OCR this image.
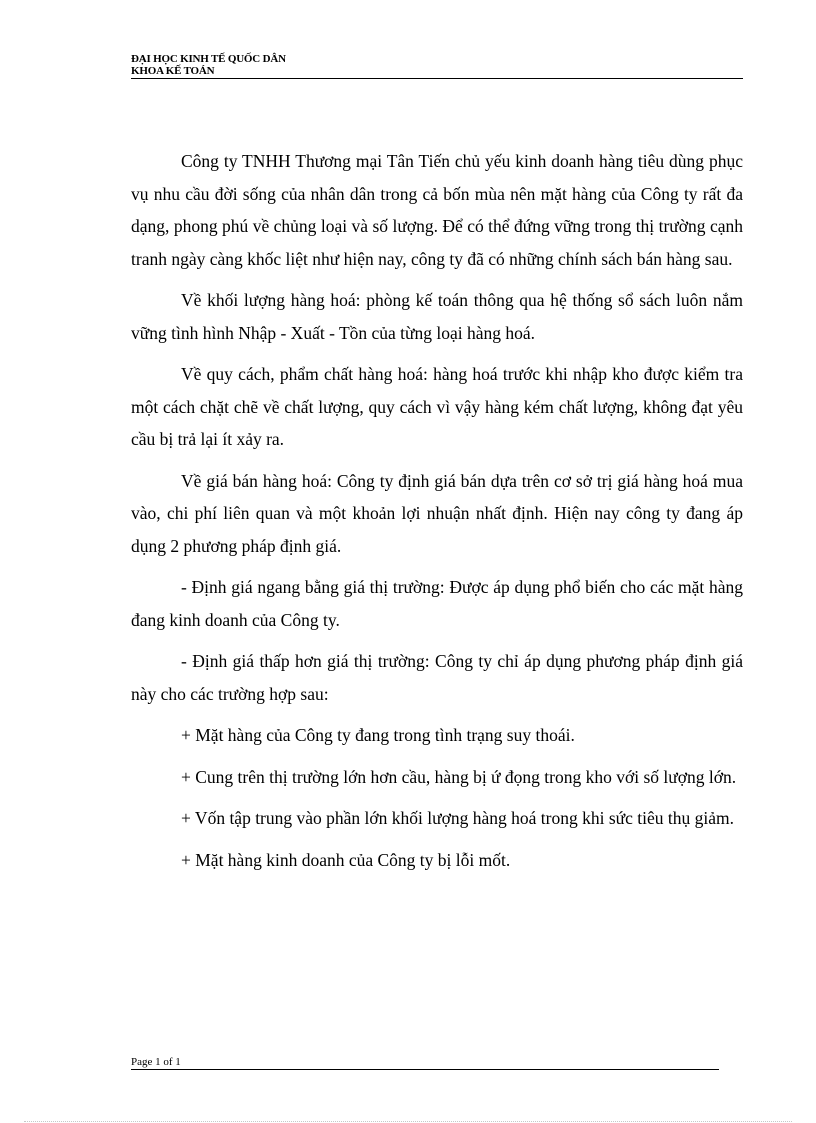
ĐẠI HỌC KINH TẾ QUỐC DÂN
KHOA KẾ TOÁN

Công ty TNHH Thương mại Tân Tiến chủ yếu kinh doanh hàng tiêu dùng phục vụ nhu cầu đời sống của nhân dân trong cả bốn mùa nên mặt hàng của Công ty rất đa dạng, phong phú về chủng loại và số lượng. Để có thể đứng vững trong thị trường cạnh tranh ngày càng khốc liệt như hiện nay, công ty đã có những chính sách bán hàng sau.

Về khối lượng hàng hoá: phòng kế toán thông qua hệ thống sổ sách luôn nắm vững tình hình Nhập - Xuất - Tồn của từng loại hàng hoá.

Về quy cách, phẩm chất hàng hoá: hàng hoá trước khi nhập kho được kiểm tra một cách chặt chẽ về chất lượng, quy cách vì vậy hàng kém chất lượng, không đạt yêu cầu bị trả lại ít xảy ra.

Về giá bán hàng hoá: Công ty định giá bán dựa trên cơ sở trị giá hàng hoá mua vào, chi phí liên quan và một khoản lợi nhuận nhất định. Hiện nay công ty đang áp dụng 2 phương pháp định giá.

- Định giá ngang bằng giá thị trường: Được áp dụng phổ biến cho các mặt hàng đang kinh doanh của Công ty.

- Định giá thấp hơn giá thị trường: Công ty chỉ áp dụng phương pháp định giá này cho các trường hợp sau:

+ Mặt hàng của Công ty đang trong tình trạng suy thoái.

+ Cung trên thị trường lớn hơn cầu, hàng bị ứ đọng trong kho với số lượng lớn.

+ Vốn tập trung vào phần lớn khối lượng hàng hoá trong khi sức tiêu thụ giảm.

+ Mặt hàng kinh doanh của Công ty bị lỗi mốt.

Page 1 of 1
